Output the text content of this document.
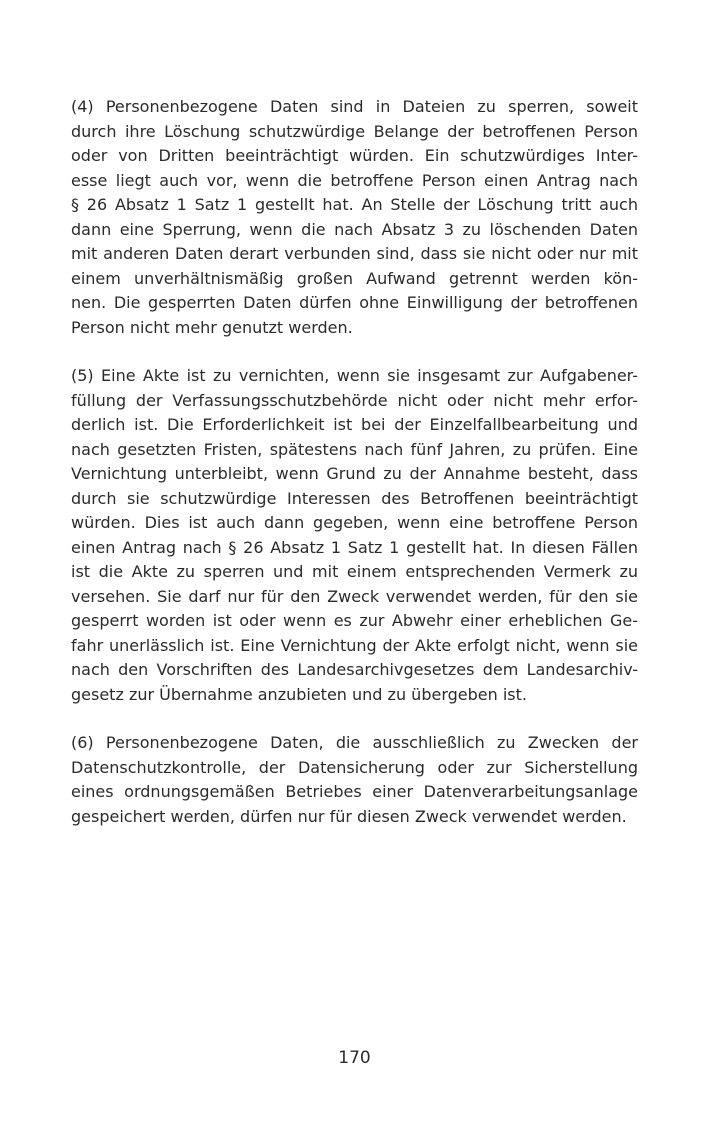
(4) Personenbezogene Daten sind in Dateien zu sperren, soweit
durch ihre Löschung schutzwürdige Belange der betroffenen Person
oder von Dritten beeinträchtigt würden. Ein schutzwürdiges Inter-
esse liegt auch vor, wenn die betroffene Person einen Antrag nach
§ 26 Absatz 1 Satz 1 gestellt hat. An Stelle der Löschung tritt auch
dann eine Sperrung, wenn die nach Absatz 3 zu löschenden Daten
mit anderen Daten derart verbunden sind, dass sie nicht oder nur mit
einem unverhältnismäßig großen Aufwand getrennt werden kön-
nen. Die gesperrten Daten dürfen ohne Einwilligung der betroffenen
Person nicht mehr genutzt werden.

(5) Eine Akte ist zu vernichten, wenn sie insgesamt zur Aufgabener-
füllung der Verfassungsschutzbehörde nicht oder nicht mehr erfor-
derlich ist. Die Erforderlichkeit ist bei der Einzelfallbearbeitung und
nach gesetzten Fristen, spätestens nach fünf Jahren, zu prüfen. Eine
Vernichtung unterbleibt, wenn Grund zu der Annahme besteht, dass
durch sie schutzwürdige Interessen des Betroffenen beeinträchtigt
würden. Dies ist auch dann gegeben, wenn eine betroffene Person
einen Antrag nach § 26 Absatz 1 Satz 1 gestellt hat. In diesen Fällen
ist die Akte zu sperren und mit einem entsprechenden Vermerk zu
versehen. Sie darf nur für den Zweck verwendet werden, für den sie
gesperrt worden ist oder wenn es zur Abwehr einer erheblichen Ge-
fahr unerlässlich ist. Eine Vernichtung der Akte erfolgt nicht, wenn sie
nach den Vorschriften des Landesarchivgesetzes dem Landesarchiv-
gesetz zur Übernahme anzubieten und zu übergeben ist.

(6) Personenbezogene Daten, die ausschließlich zu Zwecken der
Datenschutzkontrolle, der Datensicherung oder zur Sicherstellung
eines ordnungsgemäßen Betriebes einer Datenverarbeitungsanlage
gespeichert werden, dürfen nur für diesen Zweck verwendet werden.

170
